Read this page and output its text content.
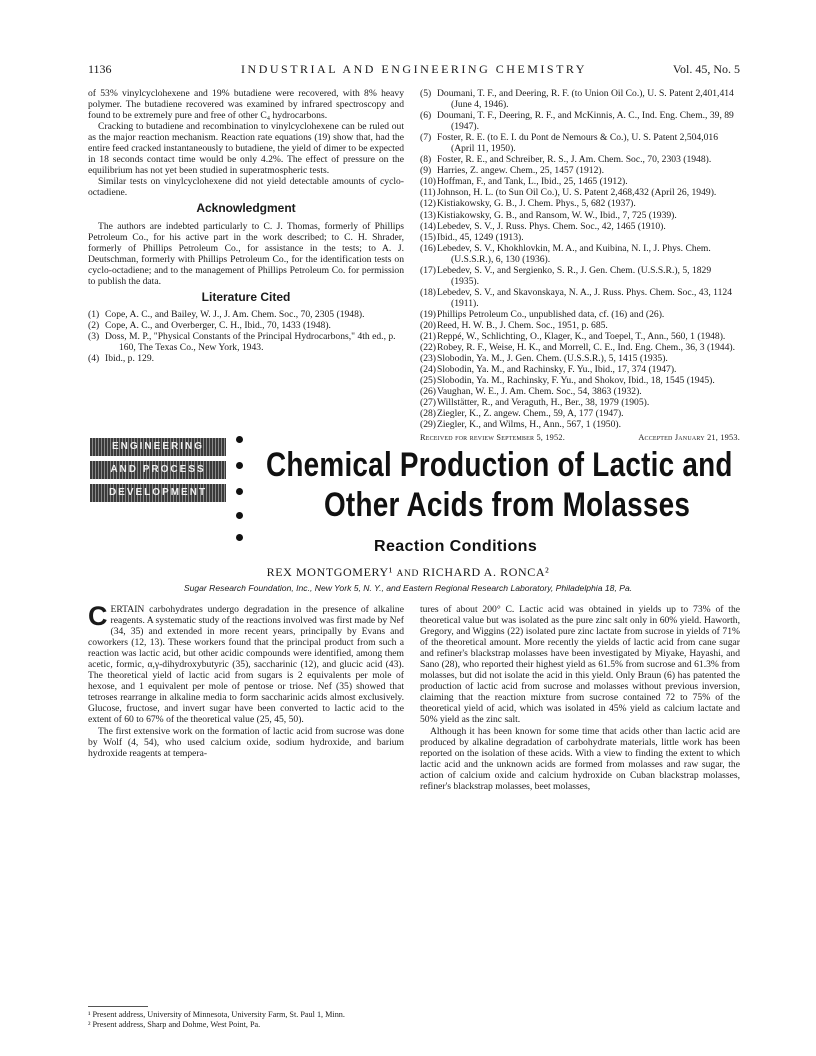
INDUSTRIAL AND ENGINEERING CHEMISTRY
1136	Vol. 45, No. 5

of 53% vinylcyclohexene and 19% butadiene were recovered, with 8% heavy polymer. The butadiene recovered was examined by infrared spectroscopy and found to be extremely pure and free of other C₄ hydrocarbons.

Cracking to butadiene and recombination to vinylcyclohexene can be ruled out as the major reaction mechanism. Reaction rate equations (19) show that, had the entire feed cracked instantaneously to butadiene, the yield of dimer to be expected in 18 seconds contact time would be only 4.2%. The effect of pressure on the equilibrium has not yet been studied in superatmospheric tests.

Similar tests on vinylcyclohexene did not yield detectable amounts of cyclo-octadiene.

Acknowledgment

The authors are indebted particularly to C. J. Thomas, formerly of Phillips Petroleum Co., for his active part in the work described; to C. H. Shrader, formerly of Phillips Petroleum Co., for assistance in the tests; to A. J. Deutschman, formerly with Phillips Petroleum Co., for the identification tests on cyclo-octadiene; and to the management of Phillips Petroleum Co. for permission to publish the data.

Literature Cited
(1) Cope, A. C., and Bailey, W. J., J. Am. Chem. Soc., 70, 2305 (1948).
(2) Cope, A. C., and Overberger, C. H., Ibid., 70, 1433 (1948).
(3) Doss, M. P., "Physical Constants of the Principal Hydrocarbons," 4th ed., p. 160, The Texas Co., New York, 1943.
(4) Ibid., p. 129.
(5) Doumani, T. F., and Deering, R. F. (to Union Oil Co.), U. S. Patent 2,401,414 (June 4, 1946).
(6) Doumani, T. F., Deering, R. F., and McKinnis, A. C., Ind. Eng. Chem., 39, 89 (1947).
(7) Foster, R. E. (to E. I. du Pont de Nemours & Co.), U. S. Patent 2,504,016 (April 11, 1950).
(8) Foster, R. E., and Schreiber, R. S., J. Am. Chem. Soc., 70, 2303 (1948).
(9) Harries, Z. angew. Chem., 25, 1457 (1912).
(10) Hoffman, F., and Tank, L., Ibid., 25, 1465 (1912).
(11) Johnson, H. L. (to Sun Oil Co.), U. S. Patent 2,468,432 (April 26, 1949).
(12) Kistiakowsky, G. B., J. Chem. Phys., 5, 682 (1937).
(13) Kistiakowsky, G. B., and Ransom, W. W., Ibid., 7, 725 (1939).
(14) Lebedev, S. V., J. Russ. Phys. Chem. Soc., 42, 1465 (1910).
(15) Ibid., 45, 1249 (1913).
(16) Lebedev, S. V., Khokhlovkin, M. A., and Kuibina, N. I., J. Phys. Chem. (U.S.S.R.), 6, 130 (1936).
(17) Lebedev, S. V., and Sergienko, S. R., J. Gen. Chem. (U.S.S.R.), 5, 1829 (1935).
(18) Lebedev, S. V., and Skavonskaya, N. A., J. Russ. Phys. Chem. Soc., 43, 1124 (1911).
(19) Phillips Petroleum Co., unpublished data, cf. (16) and (26).
(20) Reed, H. W. B., J. Chem. Soc., 1951, p. 685.
(21) Reppé, W., Schlichting, O., Klager, K., and Toepel, T., Ann., 560, 1 (1948).
(22) Robey, R. F., Weise, H. K., and Morrell, C. E., Ind. Eng. Chem., 36, 3 (1944).
(23) Slobodin, Ya. M., J. Gen. Chem. (U.S.S.R.), 5, 1415 (1935).
(24) Slobodin, Ya. M., and Rachinsky, F. Yu., Ibid., 17, 374 (1947).
(25) Slobodin, Ya. M., Rachinsky, F. Yu., and Shokov, Ibid., 18, 1545 (1945).
(26) Vaughan, W. E., J. Am. Chem. Soc., 54, 3863 (1932).
(27) Willstätter, R., and Veraguth, H., Ber., 38, 1979 (1905).
(28) Ziegler, K., Z. angew. Chem., 59, A, 177 (1947).
(29) Ziegler, K., and Wilms, H., Ann., 567, 1 (1950).
Received for review September 5, 1952.	Accepted January 21, 1953.
ENGINEERING
AND PROCESS
DEVELOPMENT
Chemical Production of Lactic and
Other Acids from Molasses
Reaction Conditions
REX MONTGOMERY¹ AND RICHARD A. RONCA²
Sugar Research Foundation, Inc., New York 5, N. Y., and Eastern Regional Research Laboratory, Philadelphia 18, Pa.

CERTAIN carbohydrates undergo degradation in the presence of alkaline reagents. A systematic study of the reactions involved was first made by Nef (34, 35) and extended in more recent years, principally by Evans and coworkers (12, 13). These workers found that the principal product from such a reaction was lactic acid, but other acidic compounds were identified, among them acetic, formic, α,γ-dihydroxybutyric (35), saccharinic (12), and glucic acid (43). The theoretical yield of lactic acid from sugars is 2 equivalents per mole of hexose, and 1 equivalent per mole of pentose or triose. Nef (35) showed that tetroses rearrange in alkaline media to form saccharinic acids almost exclusively. Glucose, fructose, and invert sugar have been converted to lactic acid to the extent of 60 to 67% of the theoretical value (25, 45, 50).

The first extensive work on the formation of lactic acid from sucrose was done by Wolf (4, 54), who used calcium oxide, sodium hydroxide, and barium hydroxide reagents at tempera-

¹ Present address, University of Minnesota, University Farm, St. Paul 1, Minn.
² Present address, Sharp and Dohme, West Point, Pa.

tures of about 200° C. Lactic acid was obtained in yields up to 73% of the theoretical value but was isolated as the pure zinc salt only in 60% yield. Haworth, Gregory, and Wiggins (22) isolated pure zinc lactate from sucrose in yields of 71% of the theoretical amount. More recently the yields of lactic acid from cane sugar and refiner's blackstrap molasses have been investigated by Miyake, Hayashi, and Sano (28), who reported their highest yield as 61.5% from sucrose and 61.3% from molasses, but did not isolate the acid in this yield. Only Braun (6) has patented the production of lactic acid from sucrose and molasses without previous inversion, claiming that the reaction mixture from sucrose contained 72 to 75% of the theoretical yield of acid, which was isolated in 45% yield as calcium lactate and 50% yield as the zinc salt.

Although it has been known for some time that acids other than lactic acid are produced by alkaline degradation of carbohydrate materials, little work has been reported on the isolation of these acids. With a view to finding the extent to which lactic acid and the unknown acids are formed from molasses and raw sugar, the action of calcium oxide and calcium hydroxide on Cuban blackstrap molasses, refiner's blackstrap molasses, beet molasses,
